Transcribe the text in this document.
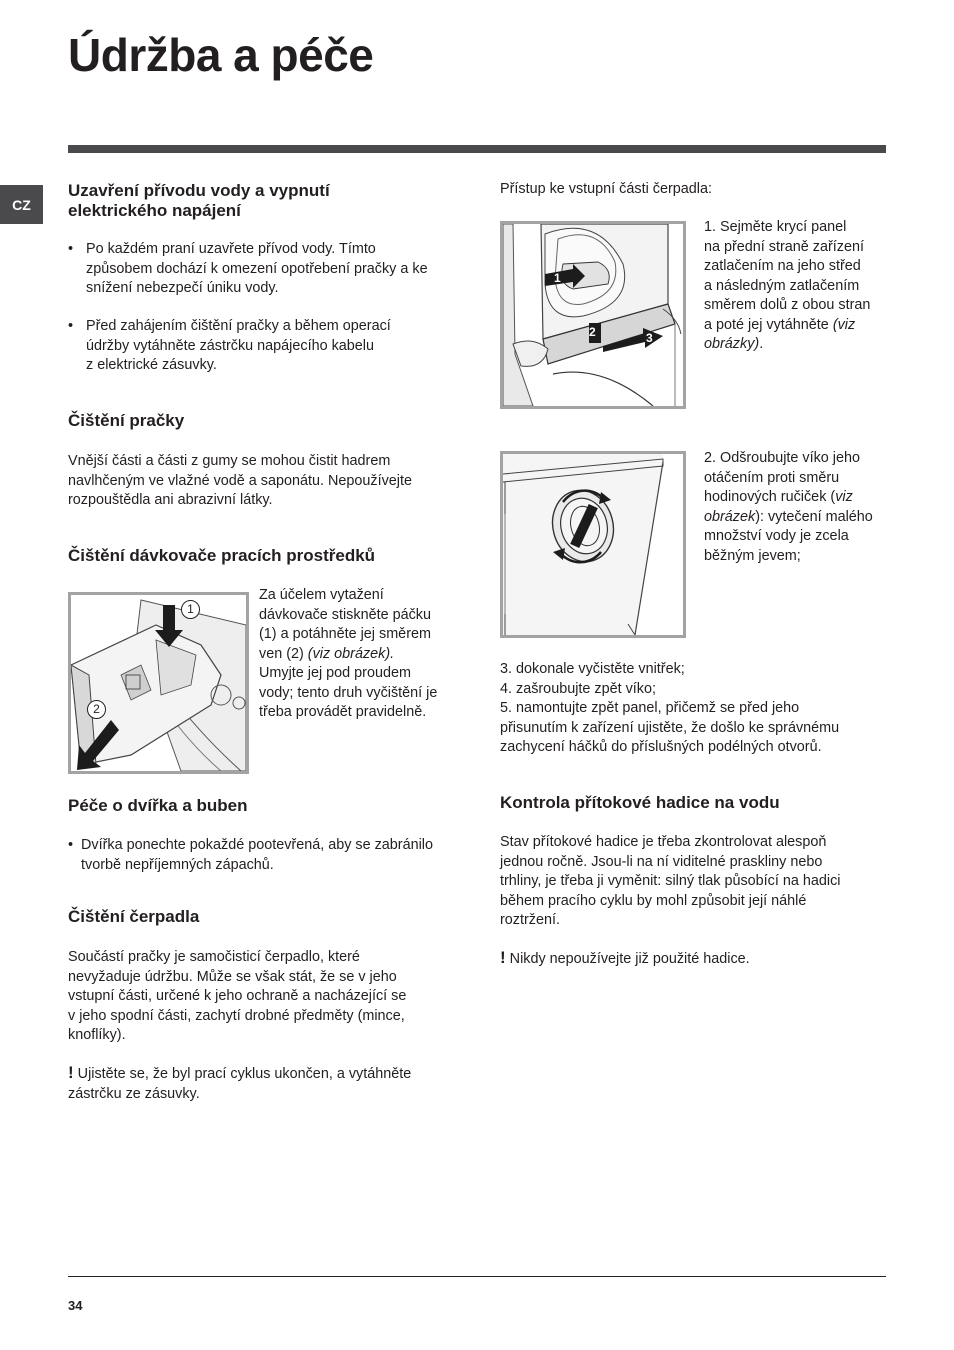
Údržba a péče
CZ
Uzavření přívodu vody a vypnutí
elektrického napájení
• Po každém praní uzavřete přívod vody. Tímto
způsobem dochází k omezení opotřebení pračky a ke
snížení nebezpečí úniku vody.
• Před zahájením čištění pračky a během operací
údržby vytáhněte zástrčku napájecího kabelu
z elektrické zásuvky.
Čištění pračky
Vnější části a části z gumy se mohou čistit hadrem
navlhčeným ve vlažné vodě a saponátu. Nepoužívejte
rozpouštědla ani abrazivní látky.
Čištění dávkovače pracích prostředků
1
2
Za účelem vytažení
dávkovače stiskněte páčku
(1) a potáhněte jej směrem
ven (2) (viz obrázek).
Umyjte jej pod proudem
vody; tento druh vyčištění je
třeba provádět pravidelně.
Péče o dvířka a buben
• Dvířka ponechte pokaždé pootevřená, aby se zabránilo
tvorbě nepříjemných zápachů.
Čištění čerpadla
Součástí pračky je samočisticí čerpadlo, které
nevyžaduje údržbu. Může se však stát, že se v jeho
vstupní části, určené k jeho ochraně a nacházející se
v jeho spodní části, zachytí drobné předměty (mince,
knoflíky).
! Ujistěte se, že byl prací cyklus ukončen, a vytáhněte
zástrčku ze zásuvky.
Přístup ke vstupní části čerpadla:
1
2	3
1. Sejměte krycí panel
na přední straně zařízení
zatlačením na jeho střed
a následným zatlačením
směrem dolů z obou stran
a poté jej vytáhněte (viz
obrázky).
2. Odšroubujte víko jeho
otáčením proti směru
hodinových ručiček (viz
obrázek): vytečení malého
množství vody je zcela
běžným jevem;
3. dokonale vyčistěte vnitřek;
4. zašroubujte zpět víko;
5. namontujte zpět panel, přičemž se před jeho
přisunutím k zařízení ujistěte, že došlo ke správnému
zachycení háčků do příslušných podélných otvorů.
Kontrola přítokové hadice na vodu
Stav přítokové hadice je třeba zkontrolovat alespoň
jednou ročně. Jsou-li na ní viditelné praskliny nebo
trhliny, je třeba ji vyměnit: silný tlak působící na hadici
během pracího cyklu by mohl způsobit její náhlé
roztržení.
! Nikdy nepoužívejte již použité hadice.
34
